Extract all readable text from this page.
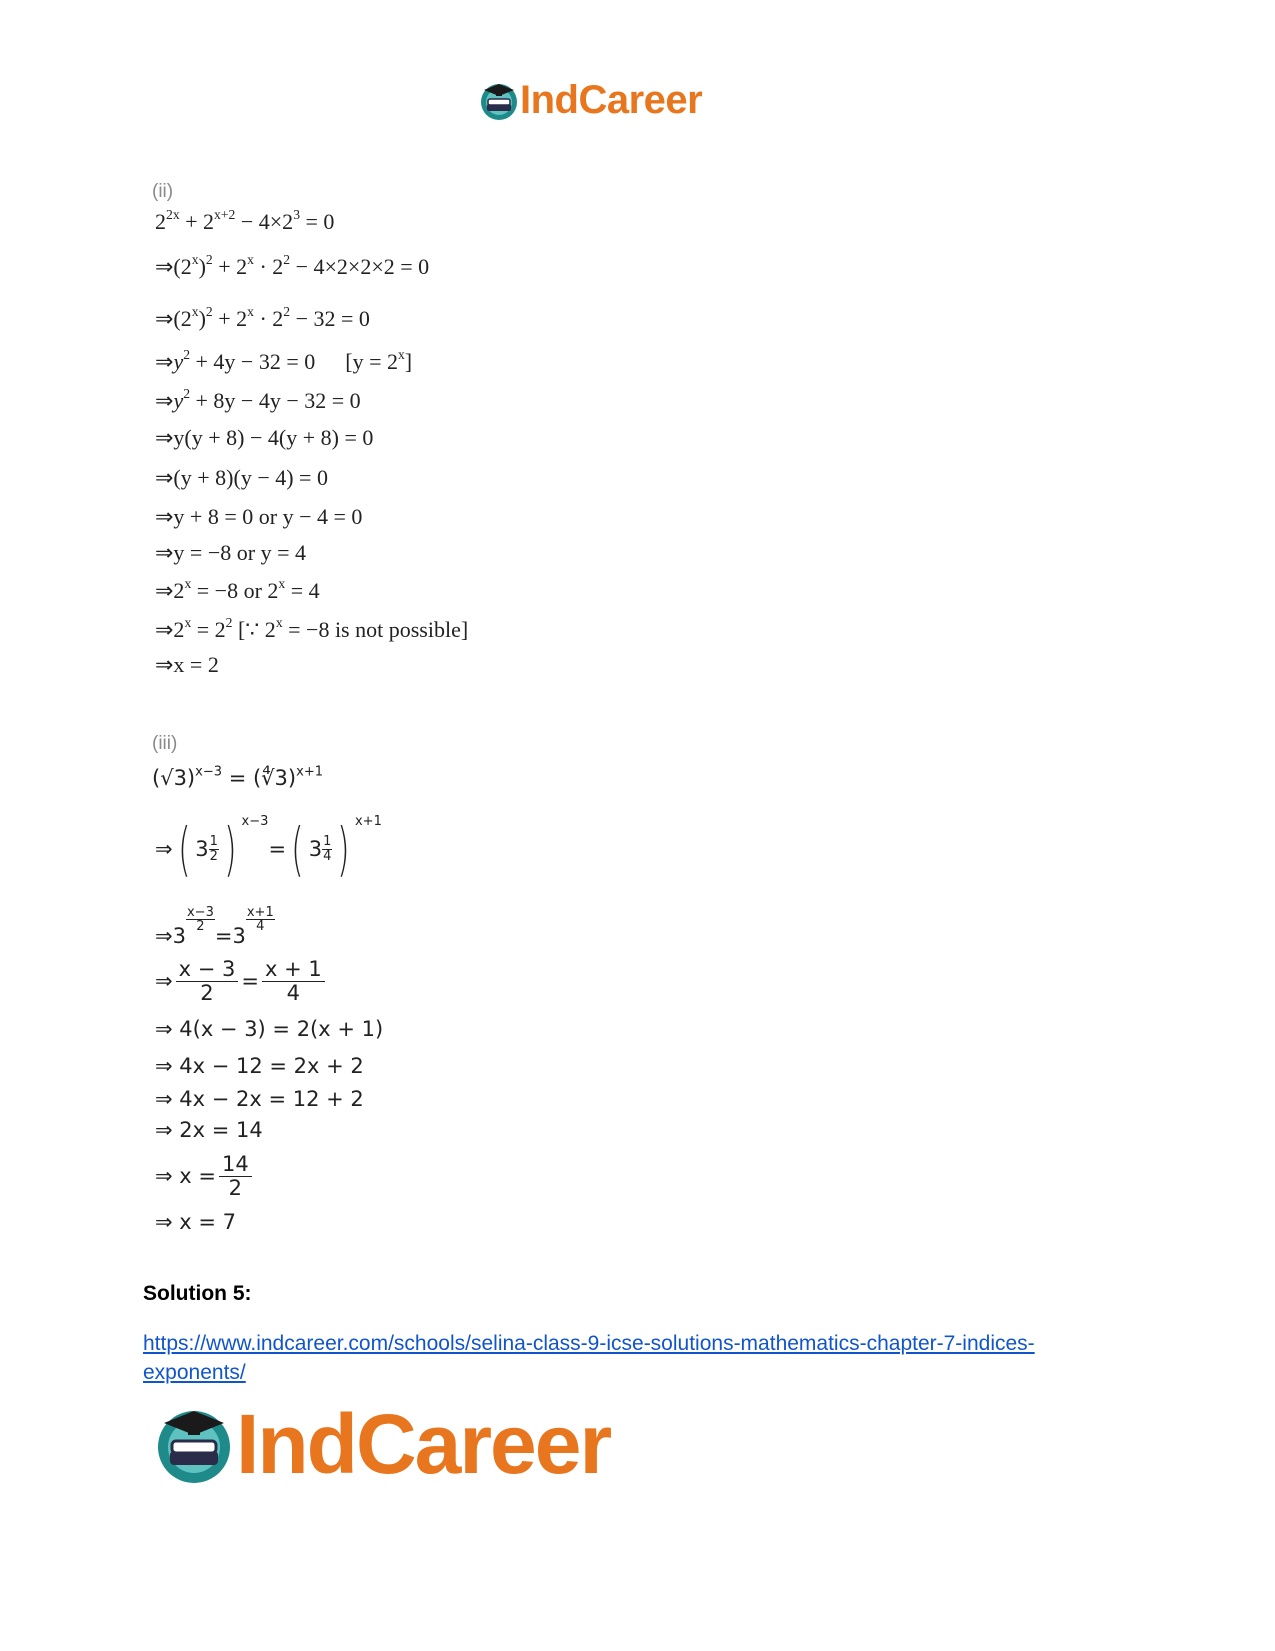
IndCareer
(ii)
$2^{2x} + 2^{x+2} - 4\times 2^3 = 0$
$\Rightarrow(2^x)^2 + 2^x \cdot 2^2 - 4\times 2\times 2\times 2 = 0$
$\Rightarrow(2^x)^2 + 2^x \cdot 2^2 - 32 = 0$
$\Rightarrow y^2 + 4y - 32 = 0$ $[y = 2^x]$
$\Rightarrow y^2 + 8y - 4y - 32 = 0$
⇒y(y + 8) − 4(y + 8) = 0
⇒(y + 8)(y − 4) = 0
⇒y + 8 = 0 or y − 4 = 0
⇒y = −8 or y = 4
$\Rightarrow 2^x = -8$ or $2^x = 4$
$\Rightarrow 2^x = 2^2$ [∵ $2^x = -8$ is not possible]
⇒x = 2
(iii)
$(√3)^{x-3}$ = (∜3)$^{x+1}$
⇒ ( 3 1
2 ) x−3
= ( 3 1
4 ) x+1
⇒ 3
$\frac{x-3}{2}$
= 3
x+1
4
⇒ $\frac{x - 3}{2} = \frac{x + 1}{4}$
⇒ 4(x − 3) = 2(x + 1)
⇒ 4x − 12 = 2x + 2
⇒ 4x − 2x = 12 + 2
⇒ 2x = 14
⇒ $x = \frac{14}{2}$
⇒ x = 7
Solution 5:
https://www.indcareer.com/schools/selina-class-9-icse-solutions-mathematics-chapter-7-indices-exponents/
IndCareer
